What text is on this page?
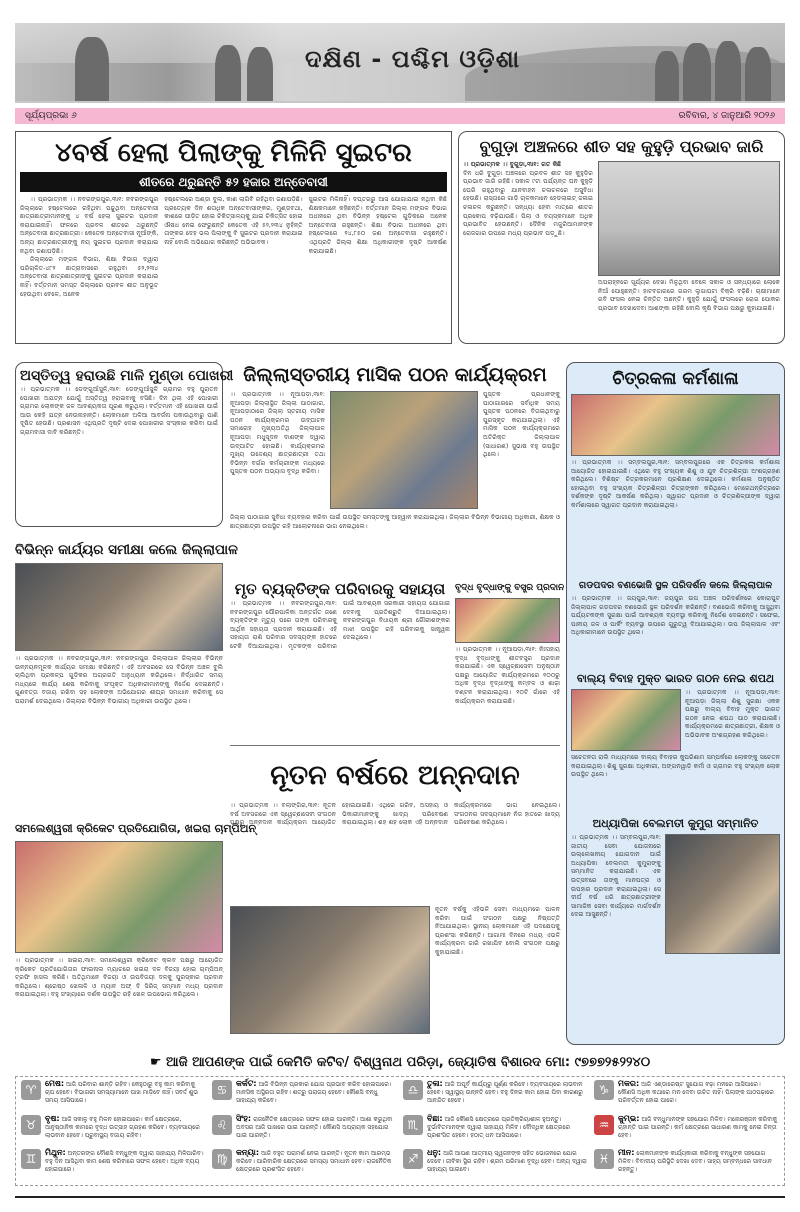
ଦକ୍ଷିଣ - ପଶ୍ଚିମ ଓଡ଼ିଶା
ସୂର୍ଯ୍ୟପ୍ରଭା ୬	ରବିବାର, ୪ ଜାନୁଆରି ୨୦୨୬
୪ବର୍ଷ ହେଲା ପିଲାଙ୍କୁ ମିଳିନି ସୁଇଟର
ଶୀତରେ ଥରୁଛନ୍ତି ୫୨ ହଜାର ଅନ୍ତେବାସୀ

।। ପ୍ରଭାତ୍ମକ ।। ନବରଙ୍ଗପୁର,୩ା୧: ନବରଙ୍ଗପୁର ଜିଲ୍ଲାରେ ହଷ୍ଟେଲରେ ରହିଥିବା ପଢୁଥିବା ଅନ୍ତେବାସୀ ଛାତ୍ରଛାତ୍ରୀମାନଙ୍କୁ ୪ ବର୍ଷ ହେଲା ସୁଇଟର ପ୍ରଦାନ କରାଯାଇନାହିଁ। ଫଳରେ ପ୍ରବଳ ଶୀତରେ ଥରୁଛନ୍ତି ଅନ୍ତେବାସୀ ଛାତ୍ରଛାତ୍ରୀ। କେତେକ ଅନ୍ତେବାସୀ ନୂଆଁଙ୍କି, ଅନ୍ୟ ଛାତ୍ରଛାତ୍ରୀଙ୍କୁ ନୟ ସୁଇଟର ପ୍ରଦାନ କରାଯାଇ ନଥିବା ଜଣାପଡ଼ିଛି।

ଜିଲ୍ଲାରେ ମଙ୍ଗଳ ବିଭାଗ, ଶିକ୍ଷା ବିଭାଗ ଦ୍ୱାରା ପରିଚାଳିତ-୪୮୨ ଛାତ୍ରାବାସରେ ରହୁଥିବା ୫୨,୨୩୪ ଅନ୍ତେବାସୀ ଛାତ୍ରଛାତ୍ରୀଙ୍କୁ ସୁଇଟର ପ୍ରଦାନ କରାଯାଇ ନାହିଁ। ବର୍ତ୍ତମାନ ସମସ୍ତ ଜିଲ୍ଲାରେ ପ୍ରବଳ ଶୀତ ଅନୁଭୂତ ହେଉଥିବା ବେଳେ, ଅନେକ

ହଷ୍ଟେଲରେ ଅଣ୍ଡା ବୁଲ, କାଣ ଲାଗିବି ରହିଥିବା ଜଣାପଡ଼ିଛି। ପ୍ରତ୍ୟେକ ଦିନ ଶତାଧିକ ଅନ୍ତେବାସୀଙ୍କର, ମୁଣ୍ଡବଥା, କାଶରେ ପୀଡ଼ିତ ହୋଇ ଚିକିତ୍ସାଳୟକୁ ଯାଇ ଚିକିତ୍ସିତ ହୋଇ ଔଷଧ ନେଇ ଫେରୁଛନ୍ତି କେତେକ ଏହି ୫୨,୨୩୪ ନୁହଁନ୍ତି ତାଙ୍କର ଦେହ ଭଲ ପିଲାଙ୍କୁ ବି ସୁଇଟର ପ୍ରଦାନ କରାଯାଇ ନାହିଁ ବୋଲି ଅଭିଯୋଗ କରିଛନ୍ତି ଅଭିଭାବକ।
ସୁଇଟର ମିଳିନାହିଁ। ଦପ୍ତରରୁ ଆସ ଯୋଗାଯାଇ ନଥିବା କିଛି ଶିକ୍ଷକମାନେ କହିଛନ୍ତି। ବର୍ତ୍ତମାନ ଜିଲ୍ଲା ମଙ୍ଗଳ ବିଭାଗ ଅଧୀନରେ ଥିବା ବିଭିନ୍ନ ହଷ୍ଟେଲ ଗୁଡ଼ିକରେ ଅନେକ ଅନ୍ତେବାସୀ ରହୁଛନ୍ତି। ଶିକ୍ଷା ବିଭାଗ ଅଧୀନରେ ଥିବା ହଷ୍ଟେଲରେ ୧୪,୮୫୦ ଜଣ ଅନ୍ତେବାସୀ ରହୁଛନ୍ତି। ଏଥିପ୍ରତି ଜିଲ୍ଲା ଶିକ୍ଷା ଅଧିକାରୀଙ୍କ ଦୃଷ୍ଟି ଆକର୍ଷଣ କରାଯାଇଛି।
ବୁଗୁଡ଼ା ଅଞ୍ଚଳରେ ଶୀତ ସହ କୁହୁଡ଼ି ପ୍ରଭାବ ଜାରି
।। ପ୍ରଭାତ୍ମକ ।। ବୁଗୁଡ଼ା,୩ା୧: ଗତ କିଛି
ଦିନ ଧରି ବୁଗୁଡ଼ା ଅଞ୍ଚଳରେ ପ୍ରବଳ ଶୀତ ସହ କୁହୁଡ଼ିର ପ୍ରଭାବ ଜାରି ରହିଛି। ସକାଳ ୯ଟା ପର୍ଯ୍ୟନ୍ତ ଘନ କୁହୁଡ଼ି ଘେରି ରହୁଥିବାରୁ ଯାନବାହନ ଚଳାଚଳରେ ଅସୁବିଧା ହେଉଛି। ରାସ୍ତାରେ ଗାଡ଼ି ଚାଳକମାନେ ହେଡଲାଇଟ୍ ଜଳାଇ ଚଳାଚଳ କରୁଛନ୍ତି। ସନ୍ଧ୍ୟା ହେବା ମାତ୍ରେ ଶୀତର ପ୍ରକୋପ ବଢ଼ିଯାଉଛି। ପିଲା ଓ ବୟସ୍କମାନେ ଅଧିକ ପ୍ରଭାବିତ ହେଉଛନ୍ତି। ଦୈନିକ ମଜୁରିଆମାନଙ୍କ ରୋଜଗାର ଉପରେ ମଧ୍ୟ ପ୍ରଭାବ ପଡ଼ୁଛି।
ଅପରାହ୍ନରେ ସୂର୍ଯ୍ୟର ଦେଖା ମିଳୁଥିବା ବେଳେ ସକାଳ ଓ ସନ୍ଧ୍ୟାରେ ଲୋକେ ନିଆଁ ପୋହୁଛନ୍ତି। ହାଟବଜାରରେ ଗରମ ଲୁଗାପଟା ବିକ୍ରି ବଢ଼ିଛି। ଚାଷୀମାନେ ରବି ଫସଲ ନେଇ ଚିନ୍ତିତ ଅଛନ୍ତି। କୁହୁଡ଼ି ଯୋଗୁଁ ଫସଲରେ ରୋଗ ପୋକର ପ୍ରଭାବ ଦେଖାଦେବା ଆଶଙ୍କା ରହିଛି ବୋଲି କୃଷି ବିଭାଗ ପକ୍ଷରୁ କୁହାଯାଇଛି।
ଅସ୍ତିତ୍ୱ ହରାଉଛି ମାଳି ମୁଣ୍ଡା ପୋଖରୀ
।। ପ୍ରଭାତ୍ମକ ।। ଡେଙ୍ଗୁଆଁସୁଳି,୩ା୧: ଡେଙ୍ଗୁଆଁସୁଳି ଗ୍ରାମର ବହୁ ପୁରାତନ ପୋଖରୀ ଅଯତ୍ନ ଯୋଗୁଁ ଅସ୍ତିତ୍ୱ ହରାଇବାକୁ ବସିଛି। ଦିନ ଥିଲା ଏହି ପୋଖରୀ ଗ୍ରାମର ଲୋକଙ୍କ ଜଳ ଆବଶ୍ୟକତା ପୂରଣ କରୁଥିଲା। ବର୍ତ୍ତମାନ ଏହି ପୋଖରୀ ପାଇଁ ଆଉ କେହି ଯତ୍ନ ନେଉନାହାନ୍ତି। ଲୋକମାନେ ଅଳିଆ ଆବର୍ଜନା ପକାଉଥିବାରୁ ପାଣି ଦୂଷିତ ହେଉଛି। ପ୍ରଶାସନ ଏଥିପ୍ରତି ଦୃଷ୍ଟି ଦେଇ ପୋଖରୀର ସଂସ୍କାର କରିବା ପାଇଁ ଗ୍ରାମବାସୀ ଦାବି କରିଛନ୍ତି।
ବିଭିନ୍ନ କାର୍ଯ୍ୟର ସମୀକ୍ଷା କଲେ ଜିଲ୍ଲାପାଳ
।। ପ୍ରଭାତ୍ମକ ।। ନବରଙ୍ଗପୁର,୩ା୧: ନବରଙ୍ଗପୁର ଜିଲ୍ଲାପାଳ ଜିଲ୍ଲାର ବିଭିନ୍ନ ଉନ୍ନୟନମୂଳକ କାର୍ଯ୍ୟର ସମୀକ୍ଷା କରିଛନ୍ତି। ଏହି ଅବସରରେ ସେ ବିଭିନ୍ନ ଅଞ୍ଚଳ ବୁଲି ଚାଲିଥିବା ପ୍ରକଳ୍ପ ଗୁଡ଼ିକର ଅଗ୍ରଗତି ଅନୁଧ୍ୟାନ କରିଥିଲେ। ନିର୍ଦ୍ଧାରିତ ସମୟ ମଧ୍ୟରେ କାର୍ଯ୍ୟ ଶେଷ କରିବାକୁ ସଂପୃକ୍ତ ଅଧିକାରୀମାନଙ୍କୁ ନିର୍ଦ୍ଦେଶ ଦେଇଛନ୍ତି। ଗୁଣବତ୍ତା ବଜାୟ ରଖିବା ସହ ଲୋକଙ୍କ ଅଭିଯୋଗର ଶୀଘ୍ର ସମାଧାନ କରିବାକୁ ସେ ପରାମର୍ଶ ଦେଇଥିଲେ। ଜିଲ୍ଲାର ବିଭିନ୍ନ ବିଭାଗୀୟ ଅଧିକାରୀ ଉପସ୍ଥିତ ଥିଲେ।
ସମଲେଶ୍ୱରୀ କ୍ରିକେଟ ପ୍ରତିଯୋଗିତା, ଖଇରା ଚାମ୍ପିଅନ୍
।। ପ୍ରଭାତ୍ମକ ।। ଖଇରା,୩ା୧: ସମଲେଶ୍ୱରୀ କ୍ରିକେଟ କ୍ଲବ ପକ୍ଷରୁ ଆୟୋଜିତ କ୍ରିକେଟ ପ୍ରତିଯୋଗିତାର ଫାଇନାଲ ମ୍ୟାଚରେ ଖଇରା ଦଳ ବିଜୟୀ ହୋଇ ଚାମ୍ପିଅନ୍ ଟ୍ରଫି ହାସଲ କରିଛି। ଅତିଥିମାନେ ବିଜୟୀ ଓ ଉପବିଜୟୀ ଦଳକୁ ପୁରସ୍କାର ପ୍ରଦାନ କରିଥିଲେ। ଶ୍ରେଷ୍ଠ ଖେଳାଳି ଓ ମ୍ୟାନ ଅଫ୍ ଦି ସିରିଜ୍ ସମ୍ମାନ ମଧ୍ୟ ପ୍ରଦାନ କରାଯାଇଥିଲା। ବହୁ ସଂଖ୍ୟାରେ ଦର୍ଶକ ଉପସ୍ଥିତ ରହି ଖେଳ ଉପଭୋଗ କରିଥିଲେ।
ଜିଲ୍ଲାସ୍ତରୀୟ ମାସିକ ପଠନ କାର୍ଯ୍ୟକ୍ରମ
।। ପ୍ରଭାତ୍ମକ ।। ନୂଆପଡ଼ା,୩ା୧: ନୂଆପଡ଼ା ଜିଲ୍ଲାସ୍ଥିତ ଜିଲ୍ଲା ପାଠାଗାର, ନୂଆପଡ଼ାଠାରେ ଜିଲ୍ଲା ସ୍ତରୀୟ ମାସିକ ପଠନ କାର୍ଯ୍ୟକ୍ରମର ଉଦ୍‌ଘାଟନ ସମାରୋହ ମୁଖ୍ୟଅତିଥି ଜିଲ୍ଲାପାଳ ନୂଆପଡ଼ା ମଧୁସୂଦନ ଦାଶଙ୍କ ଦ୍ୱାରା ଉଦ୍‌ଘାଟିତ ହୋଇଛି। କାର୍ଯ୍ୟକ୍ରମର ମୁଖ୍ୟ ଉଦ୍ଦେଶ୍ୟ ଛାତ୍ରଛାତ୍ରୀ ତଥା ବିଭିନ୍ନ ବର୍ଗର କର୍ମଚାରୀଙ୍କ ମଧ୍ୟରେ ପୁସ୍ତକ ପଠନ ଅଭ୍ୟାସ ବୃଦ୍ଧି କରିବା।
ପୁସ୍ତକ ପ୍ରଧାନଙ୍କୁ ପାଠାଗାରରେ ସର୍ବାଧିକ ସମୟ ପୁସ୍ତକ ପଠନରେ ବିତାଇଥିବାରୁ ପୁରସ୍କୃତ କରାଯାଇଥିଲା। ଏହି ମାସିକ ପଠନ କାର୍ଯ୍ୟକ୍ରମରେ ଅତିରିକ୍ତ ଜିଲ୍ଲାପାଳ (ସାଧାରଣ) ସୁଭାଷ ବହୁ ଉପସ୍ଥିତ ଥିଲେ।
ଜିଲ୍ଲା ପାଠାଗାର ସୁବିଧା ବ୍ୟବହାର କରିବା ପାଇଁ ଉପସ୍ଥିତ ସମସ୍ତଙ୍କୁ ଆହ୍ୱାନ କରାଯାଇଥିଲା। ଜିଲ୍ଲାର ବିଭିନ୍ନ ବିଭାଗୀୟ ଅଧିକାରୀ, ଶିକ୍ଷକ ଓ ଛାତ୍ରଛାତ୍ରୀ ଉପସ୍ଥିତ ରହି ଆଲୋଚନାରେ ଭାଗ ନେଇଥିଲେ।
ମୃତ ବ୍ୟକ୍ତିଙ୍କ ପରିବାରକୁ ସହାୟତା
।। ପ୍ରଭାତ୍ମକ ।। ନବରଙ୍ଗପୁର,୩ା୧: ନବରଙ୍ଗପୁର ପୌରପାଳିକା ଅନ୍ତର୍ଗତ ଜଣେ ବ୍ୟକ୍ତିଙ୍କ ମୃତ୍ୟୁ ପରେ ତାଙ୍କ ପରିବାରକୁ ଆର୍ଥିକ ସହାୟତା ପ୍ରଦାନ କରାଯାଇଛି। ଏହି ସହାୟତା ରାଶି ପରିବାର ସଦସ୍ୟଙ୍କ ହାତରେ ଟେକି ଦିଆଯାଇଥିଲା। ମୃତକଙ୍କ ପରିବାର ପାଇଁ ଆବଶ୍ୟକ ସରକାରୀ ସହାୟତା ଯୋଗାଇ ଦେବାକୁ ପ୍ରତିଶ୍ରୁତି ଦିଆଯାଇଥିଲା। ନବରଙ୍ଗପୁର ବିଧାୟକ ଶ୍ରୀ ଗୌରୀଶଙ୍କର ମାଝୀ ଉପସ୍ଥିତ ରହି ପରିବାରକୁ ସାନ୍ତ୍ୱନା ଦେଇଥିଲେ।
ବୃଦ୍ଧ ବୃଦ୍ଧାଙ୍କୁ ବସ୍ତ୍ର ପ୍ରଦାନ
।। ପ୍ରଭାତ୍ମକ ।। ନୂଆପଡ଼ା,୩ା୧: ନିଃସହାୟ ବୃଦ୍ଧ ବୃଦ୍ଧାଙ୍କୁ ଶୀତବସ୍ତ୍ର ପ୍ରଦାନ କରାଯାଇଛି। ଏକ ସ୍ୱେଚ୍ଛାସେବୀ ଅନୁଷ୍ଠାନ ପକ୍ଷରୁ ଆୟୋଜିତ କାର୍ଯ୍ୟକ୍ରମରେ ୧୦୦ରୁ ଅଧିକ ବୃଦ୍ଧ ବୃଦ୍ଧାଙ୍କୁ କମ୍ବଳ ଓ ଶାଢ଼ୀ ବଣ୍ଟନ କରାଯାଇଥିଲା। ୧୦ଟି ଗାଁରେ ଏହି କାର୍ଯ୍ୟକ୍ରମ କରାଯାଇଛି।
ନୂତନ ବର୍ଷରେ ଅନ୍ନଦାନ
।। ପ୍ରଭାତ୍ମକ ।। ବଲାଙ୍ଗିର,୩ା୧: ନୂତନ ବର୍ଷ ଅବସରରେ ଏକ ସ୍ୱେଚ୍ଛାସେବୀ ସଂଗଠନ ପକ୍ଷରୁ ଅନ୍ନଦାନ କାର୍ଯ୍ୟକ୍ରମ ଆୟୋଜିତ ହୋଇଯାଇଛି। ଏଥିରେ ଗରିବ, ଅସହାୟ ଓ ଭିକାରୀମାନଙ୍କୁ ଖାଦ୍ୟ ପରିବେଷଣ କରାଯାଇଥିଲା। ଶହ ଶହ ଲୋକ ଏହି ଅନ୍ନଦାନ କାର୍ଯ୍ୟକ୍ରମରେ ଭାଗ ନେଇଥିଲେ। ସଂଗଠନର ସଦସ୍ୟମାନେ ନିଜ ହାତରେ ଖାଦ୍ୟ ପରିବେଷଣ କରିଥିଲେ।
ନୂତନ ବର୍ଷକୁ ଏହିଭଳି ସେବା ମାଧ୍ୟମରେ ପାଳନ କରିବା ପାଇଁ ସଂଗଠନ ପକ୍ଷରୁ ନିଷ୍ପତ୍ତି ନିଆଯାଇଥିଲା। ସ୍ଥାନୀୟ ଲୋକମାନେ ଏହି ପଦକ୍ଷେପକୁ ପ୍ରଶଂସା କରିଛନ୍ତି। ଆଗାମୀ ଦିନରେ ମଧ୍ୟ ଏଭଳି କାର୍ଯ୍ୟକ୍ରମ ଜାରି ରଖାଯିବ ବୋଲି ସଂଗଠନ ପକ୍ଷରୁ କୁହାଯାଇଛି।
ଚିତ୍ରକଳା କର୍ମଶାଳା
।। ପ୍ରଭାତ୍ମକ ।। ସମ୍ବଲପୁର,୩ା୧: ସମ୍ବଲପୁରରେ ଏକ ଚିତ୍ରକଳା କର୍ମଶାଳା ଆୟୋଜିତ ହୋଇଯାଇଛି। ଏଥିରେ ବହୁ ସଂଖ୍ୟକ ଶିଶୁ ଓ ଯୁବ ଚିତ୍ରଶିଳ୍ପୀ ଅଂଶଗ୍ରହଣ କରିଥିଲେ। ବିଶିଷ୍ଟ ଚିତ୍ରକରମାନେ ପ୍ରଶିକ୍ଷଣ ଦେଇଥିଲେ। କର୍ମଶାଳା ଅନୁଷ୍ଠିତ ହୋଇଥିବା ବହୁ ସଂଖ୍ୟକ ଚିତ୍ରଶିଳ୍ପୀ ଚିତ୍ରାଙ୍କନ କରିଥିଲେ। ମେରେଥନ୍‌ଚିତ୍ରରେ ଦର୍ଶକଙ୍କ ଦୃଷ୍ଟି ଆକର୍ଷଣ କରିଥିଲା। ସ୍ୱାଗତ ପ୍ରଦାନ ଓ ଚିତ୍ରଶିଳ୍ପୀଙ୍କ ଦ୍ୱାରା କର୍ମଶାଳାରେ ସ୍ୱାଗତ ପ୍ରଦାନ କରାଯାଇଥିଲା।
ଗଡପଦର ବଣଭୋଜି ସ୍ଥଳ ପରିଦର୍ଶନ କଲେ ଜିଲ୍ଲାପାଳ
।। ପ୍ରଭାତ୍ମକ ।। ଜୟପୁର,୩ା୧: ଜୟପୁର ଉପ ଅଞ୍ଚଳ ପରିଦର୍ଶନରେ କୋରାପୁଟ ଜିଲ୍ଲାପାଳ ଗଡପଦର ବଣଭୋଜି ସ୍ଥଳ ପରିଦର୍ଶନ କରିଛନ୍ତି। ବଣଭୋଜି କରିବାକୁ ଆସୁଥିବା ପର୍ଯ୍ୟଟକଙ୍କ ସୁରକ୍ଷା ପାଇଁ ଆବଶ୍ୟକ ବ୍ୟବସ୍ଥା କରିବାକୁ ନିର୍ଦ୍ଦେଶ ଦେଇଛନ୍ତି। ସଫେଇ, ପାନୀୟ ଜଳ ଓ ପାର୍କିଂ ବ୍ୟବସ୍ଥା ଉପରେ ଗୁରୁତ୍ୱ ଦିଆଯାଇଥିଲା। ଉପ ଜିଲ୍ଲାପାଳ ଏବଂ ଅଧିକାରୀମାନେ ଉପସ୍ଥିତ ଥିଲେ।
ବାଲ୍ୟ ବିବାହ ମୁକ୍ତ ଭାରତ ଗଠନ ନେଇ ଶପଥ
।। ପ୍ରଭାତ୍ମକ ।। ନୂଆପଡ଼ା,୩ା୧: ନୂଆପଡ଼ା ଜିଲ୍ଲା ଶିଶୁ ସୁରକ୍ଷା ଏକକ ପକ୍ଷରୁ ବାଲ୍ୟ ବିବାହ ମୁକ୍ତ ଭାରତ ଗଠନ ନେଇ ଶପଥ ପାଠ କରାଯାଇଛି। କାର୍ଯ୍ୟକ୍ରମରେ ଛାତ୍ରଛାତ୍ରୀ, ଶିକ୍ଷକ ଓ ଅଭିଭାବକ ଅଂଶଗ୍ରହଣ କରିଥିଲେ।
ସଚେତନତା ରାଲି ମାଧ୍ୟମରେ ବାଲ୍ୟ ବିବାହର କୁପରିଣାମ ସମ୍ପର୍କରେ ଲୋକଙ୍କୁ ସଚେତନ କରାଯାଇଥିଲା। ଶିଶୁ ସୁରକ୍ଷା ଅଧିକାରୀ, ଅଙ୍ଗନୱାଡ଼ି କର୍ମୀ ଓ ଗ୍ରାମର ବହୁ ସଂଖ୍ୟକ ଲୋକ ଉପସ୍ଥିତ ଥିଲେ।
ଅଧ୍ୟାପିକା ବେଲମତୀ କୁମୁରା ସମ୍ମାନିତ
।। ପ୍ରଭାତ୍ମକ ।। ସମ୍ବଲପୁର,୩ା୧: ଜାତୀୟ ସେବା ଯୋଜନାରେ ଉଲ୍ଲେଖନୀୟ ଯୋଗଦାନ ପାଇଁ ଅଧ୍ୟାପିକା ବେଲମତୀ କୁମୁରାଙ୍କୁ ସମ୍ମାନିତ କରାଯାଇଛି। ଏକ ଉତ୍ସବରେ ତାଙ୍କୁ ମାନପତ୍ର ଓ ଉପହାର ପ୍ରଦାନ କରାଯାଇଥିଲା। ସେ ଦୀର୍ଘ ବର୍ଷ ଧରି ଛାତ୍ରଛାତ୍ରୀଙ୍କ ସାମାଜିକ ସେବା କାର୍ଯ୍ୟରେ ମାର୍ଗଦର୍ଶନ ଦେଇ ଆସୁଛନ୍ତି।
☛ ଆଜି ଆପଣଙ୍କ ପାଇଁ କେମିତି କଟିବ/ ବିଶ୍ୱନାଥ ପରିଡ଼ା, ଜ୍ୟୋତିଷ ବିଶାରଦ ମୋ: ୯୭୭୭୨୫୨୨୪୦
♈	ମେଷ: ଆଜି ପରିବାର ଶାନ୍ତି ରହିବ। କେହୁଠାରୁ ବହୁ କାମ କରିବାକୁ ଚାପ ହେବେ। ବିଭାଗରୀ ସମସ୍ୟାମାନେ ପାଖ ମାଡ଼ିବେ ନାହିଁ। ସବର୍ଦ୍ଦ ଶୁଭ ସମୟ ଆସିପାରେ।
♋	କର୍କଟ: ଆଜି ବିଭିନ୍ନ ପ୍ରକାର ଯୋଗ ପ୍ରଭାବ କରିବ ହୋଇପାରେ। ମାନସିକ ଅସ୍ଥିରତା ରହିବ। ଶତ୍ରୁ ପରାଜୟ ହେବେ। କୌଣସି ବନ୍ଧୁ ସାହାଯ୍ୟ କରିବେ।
♎	ତୁଳା: ଆଜି ଅପୂର୍ବ କାର୍ଯ୍ୟରୁ ପୂର୍ଣ୍ଣ କରିବେ। ବ୍ୟବସାୟରେ ଲାଭବାନ ହେବେ। ସ୍ୱାସ୍ଥ୍ୟ ଉନ୍ନତି ହେବ। ବହୁ ଦିନର କାମ ହୋଇ ପିବା କାରଣରୁ ଆନନ୍ଦିତ ହେବେ।
♑	ମକର: ଆଜି ଏଣ୍ଡାରେଷ୍ଟ ସୁଯୋଗ ବଢ଼ା ମନରେ ଆସିପାରେ। କୌଣସି ଅଧିକ କଥାରେ ମନ ଦେବା ଉଚିତ ନାହିଁ। ପିଲାଙ୍କ ପାଠପଢ଼ାରେ ପରିବର୍ତ୍ତନ ହୋଇ ପାରେ।
♉	ବୃଷ: ଆଜି ସକାଳୁ ବହୁ ମିଳନ ହୋଇପାରେ। କର୍ମ କ୍ଷେତ୍ରରେ, ଆନୁଷ୍ଠାନିକ କାମରେ ବୃଦ୍ଧ ଉତ୍ସାହ ଗ୍ରହଣ କରିବେ। ବ୍ୟବସାୟରେ ଲାଭବାନ ହେବେ। ପ୍ରୁବାସ୍ଥ୍ୟ ବଜାୟ ରହିବ।
♌	ସିଂହ: ରାଜନୈତିକ କ୍ଷେତ୍ରରେ ସଫଳ ହୋଇ ପାରନ୍ତି। ଆଶା କରୁଥିବା ଅବସର ଆଜି ପାଖରେ ପାଇ ପାରନ୍ତି। କୌଣସି ଅପ୍ରାୟକ ସହଯୋଗ ପାଇ ପାରନ୍ତି।
♏	ବିଛା: ଆଜି କୌଣସି କ୍ଷେତ୍ରରେ ପ୍ରତିକ୍ରିୟାଶୀଳ ହୁଅନ୍ତୁ। ଦୁର୍ଭାବିତମାନଙ୍କ ଦ୍ୱାରା ସାହାଯ୍ୟ ମିଳିବ। ବୌଦ୍ଧିକ କ୍ଷେତ୍ରରେ ପ୍ରଶଂସିତ ହେବେ। ହଠାତ୍ ଧନ ଆସିପାରେ।
♒	କୁମ୍ଭ: ଆଜି ବନ୍ଧୁମାନଙ୍କ ସହଯୋଗ ମିଳିବ। ମନୋରଞ୍ଜନ କରିବାକୁ ଚାହାନ୍ତି ପାଇ ପାରନ୍ତି। କର୍ମ କ୍ଷେତ୍ରରେ ସାଧାରଣ କାମକୁ ନେଇ ଚିନ୍ତା ହେବ।
♊	ମିଥୁନ: ଅନ୍ତରଙ୍ଗ ବୌଣସି ବନ୍ଧୁଙ୍କ ଦ୍ୱାରା ସାହାଯ୍ୟ ମିଳିପାରିବ। ବହୁ ଦିନ ଆସିଥିବା କାମ ଶେଷ କରିବାରେ ସଫଳ ହେବେ। ଅଧିକ ବ୍ୟୟ ହୋଇପାରେ।
♍	କନ୍ୟା: ଆଜି ବହୁତ ପରାମର୍ଶ ନେଇ ପାରନ୍ତି। ନୂତନ କାମ ଆରମ୍ଭ କରିବେ। ପାରିବାରିକ କ୍ଷେତ୍ରରେ ସମସ୍ୟା ସମାଧାନ ହେବ। ରାଜନୈତିକ କ୍ଷେତ୍ରରେ ପ୍ରଶଂସିତ ହେବେ।
♐	ଧନୁ: ଆଜି ଆପଣ ଆତ୍ମୀୟ ସ୍ୱଜନଙ୍କ ସହିତ ଭୋଜନରେ ଯୋଗ ଦେବେ। ଜୀବିକା ସ୍ଥିର ରହିବ। ଶ୍ରମ ପରିମାଣ ବୃଦ୍ଧି ହେବ। ଅନ୍ୟ ଦ୍ୱାରା ସାହାଯ୍ୟ ପାଇବେ।
♓	ମୀନ: ଲୋକମାନଙ୍କ କାର୍ଯ୍ୟକାରୀ କରିବାକୁ ବନ୍ଧୁଙ୍କ ସହଯୋଗ ମିଳିବ। ବିବାଦୀୟ ପରିସ୍ଥିତି ଦେଖା ଦେବ। ସାହ୍ୟ ସମ୍ବନ୍ଧରେ ସାବଧାନ ରହନ୍ତୁ।
